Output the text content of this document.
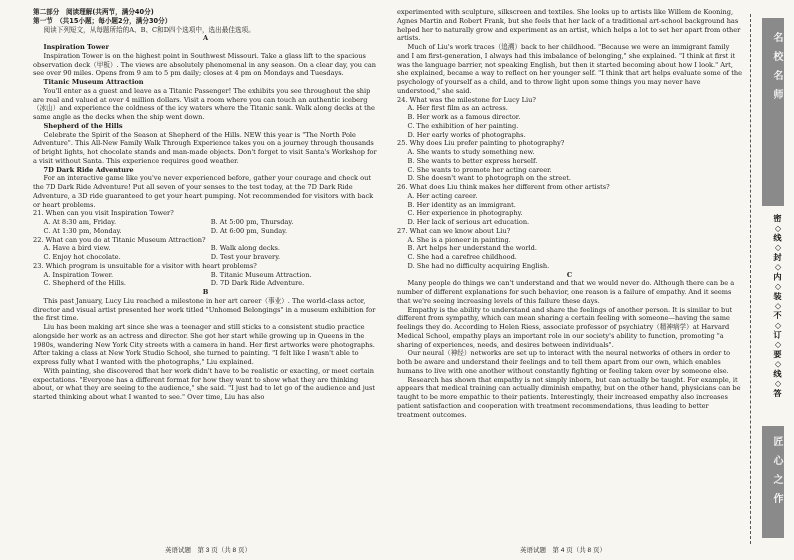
第二部分　阅读理解(共两节，满分40分)

第一节　（共15小题；每小题2分，满分30分）

阅读下列短文，从每题所给的A、B、C和D四个选项中，选出最佳选项。

A

Inspiration Tower

Inspiration Tower is on the highest point in Southwest Missouri. Take a glass lift to the spacious observation deck（甲板）. The views are absolutely phenomenal in any season. On a clear day, you can see over 90 miles. Opens from 9 am to 5 pm daily; closes at 4 pm on Mondays and Tuesdays.

Titanic Museum Attraction

You'll enter as a guest and leave as a Titanic Passenger! The exhibits you see throughout the ship are real and valued at over 4 million dollars. Visit a room where you can touch an authentic iceberg（冰山）and experience the coldness of the icy waters where the Titanic sank. Walk along decks at the same angle as the decks when the ship went down.

Shepherd of the Hills

Celebrate the Spirit of the Season at Shepherd of the Hills. NEW this year is "The North Pole Adventure". This All-New Family Walk Through Experience takes you on a journey through thousands of bright lights, hot chocolate stands and man-made objects. Don't forget to visit Santa's Workshop for a visit without Santa. This experience requires good weather.

7D Dark Ride Adventure

For an interactive game like you've never experienced before, gather your courage and check out the 7D Dark Ride Adventure! Put all seven of your senses to the test today, at the 7D Dark Ride Adventure, a 3D ride guaranteed to get your heart pumping. Not recommended for visitors with back or heart problems.

21. When can you visit Inspiration Tower?

A. At 8:30 am, Friday.	B. At 5:00 pm, Thursday.
C. At 1:30 pm, Monday.	D. At 6:00 pm, Sunday.

22. What can you do at Titanic Museum Attraction?

A. Have a bird view.	B. Walk along decks.
C. Enjoy hot chocolate.	D. Test your bravery.

23. Which program is unsuitable for a visitor with heart problems?

A. Inspiration Tower.	B. Titanic Museum Attraction.
C. Shepherd of the Hills.	D. 7D Dark Ride Adventure.

B

This past January, Lucy Liu reached a milestone in her art career（事业）. The world-class actor, director and visual artist presented her work titled "Unhomed Belongings" in a museum exhibition for the first time.

Liu has been making art since she was a teenager and still sticks to a consistent studio practice alongside her work as an actress and director. She got her start while growing up in Queens in the 1980s, wandering New York City streets with a camera in hand. Her first artworks were photographs. After taking a class at New York Studio School, she turned to painting. "I felt like I wasn't able to express fully what I wanted with the photographs," Liu explained.

With painting, she discovered that her work didn't have to be realistic or exacting, or meet certain expectations. "Everyone has a different format for how they want to show what they are thinking about, or what they are seeing to the audience," she said. "I just had to let go of the audience and just started thinking about what I wanted to see." Over time, Liu has also

experimented with sculpture, silkscreen and textiles. She looks up to artists like Willem de Kooning, Agnes Martin and Robert Frank, but she feels that her lack of a traditional art-school background has helped her to naturally grow and experiment as an artist, which helps a lot to set her apart from other artists.

Much of Liu's work traces（追溯）back to her childhood. "Because we were an immigrant family and I am first-generation, I always had this imbalance of belonging," she explained. "I think at first it was the language barrier, not speaking English, but then it started becoming about how I look." Art, she explained, became a way to reflect on her younger self. "I think that art helps evaluate some of the psychology of yourself as a child, and to throw light upon some things you may never have understood," she said.

24. What was the milestone for Lucy Liu?

A. Her first film as an actress.

B. Her work as a famous director.

C. The exhibition of her painting.

D. Her early works of photographs.

25. Why does Liu prefer painting to photography?

A. She wants to study something new.

B. She wants to better express herself.

C. She wants to promote her acting career.

D. She doesn't want to photograph on the street.

26. What does Liu think makes her different from other artists?

A. Her acting career.

B. Her identity as an immigrant.

C. Her experience in photography.

D. Her lack of serious art education.

27. What can we know about Liu?

A. She is a pioneer in painting.

B. Art helps her understand the world.

C. She had a carefree childhood.

D. She had no difficulty acquiring English.

C

Many people do things we can't understand and that we would never do. Although there can be a number of different explanations for such behavior, one reason is a failure of empathy. And it seems that we're seeing increasing levels of this failure these days.

Empathy is the ability to understand and share the feelings of another person. It is similar to but different from sympathy, which can mean sharing a certain feeling with someone—having the same feelings they do. According to Helen Riess, associate professor of psychiatry（精神病学）at Harvard Medical School, empathy plays an important role in our society's ability to function, promoting "a sharing of experiences, needs, and desires between individuals".

Our neural（神经）networks are set up to interact with the neural networks of others in order to both be aware and understand their feelings and to tell them apart from our own, which enables humans to live with one another without constantly fighting or feeling taken over by someone else.

Research has shown that empathy is not simply inborn, but can actually be taught. For example, it appears that medical training can actually diminish empathy, but on the other hand, physicians can be taught to be more empathic to their patients. Interestingly, their increased empathy also increases patient satisfaction and cooperation with treatment recommendations, thus leading to better treatment outcomes.

英语试题　第 3 页（共 8 页）	英语试题　第 4 页（共 8 页）
名校名师
密◇线◇封◇内◇装◇不◇订◇要◇线◇答
匠心之作
